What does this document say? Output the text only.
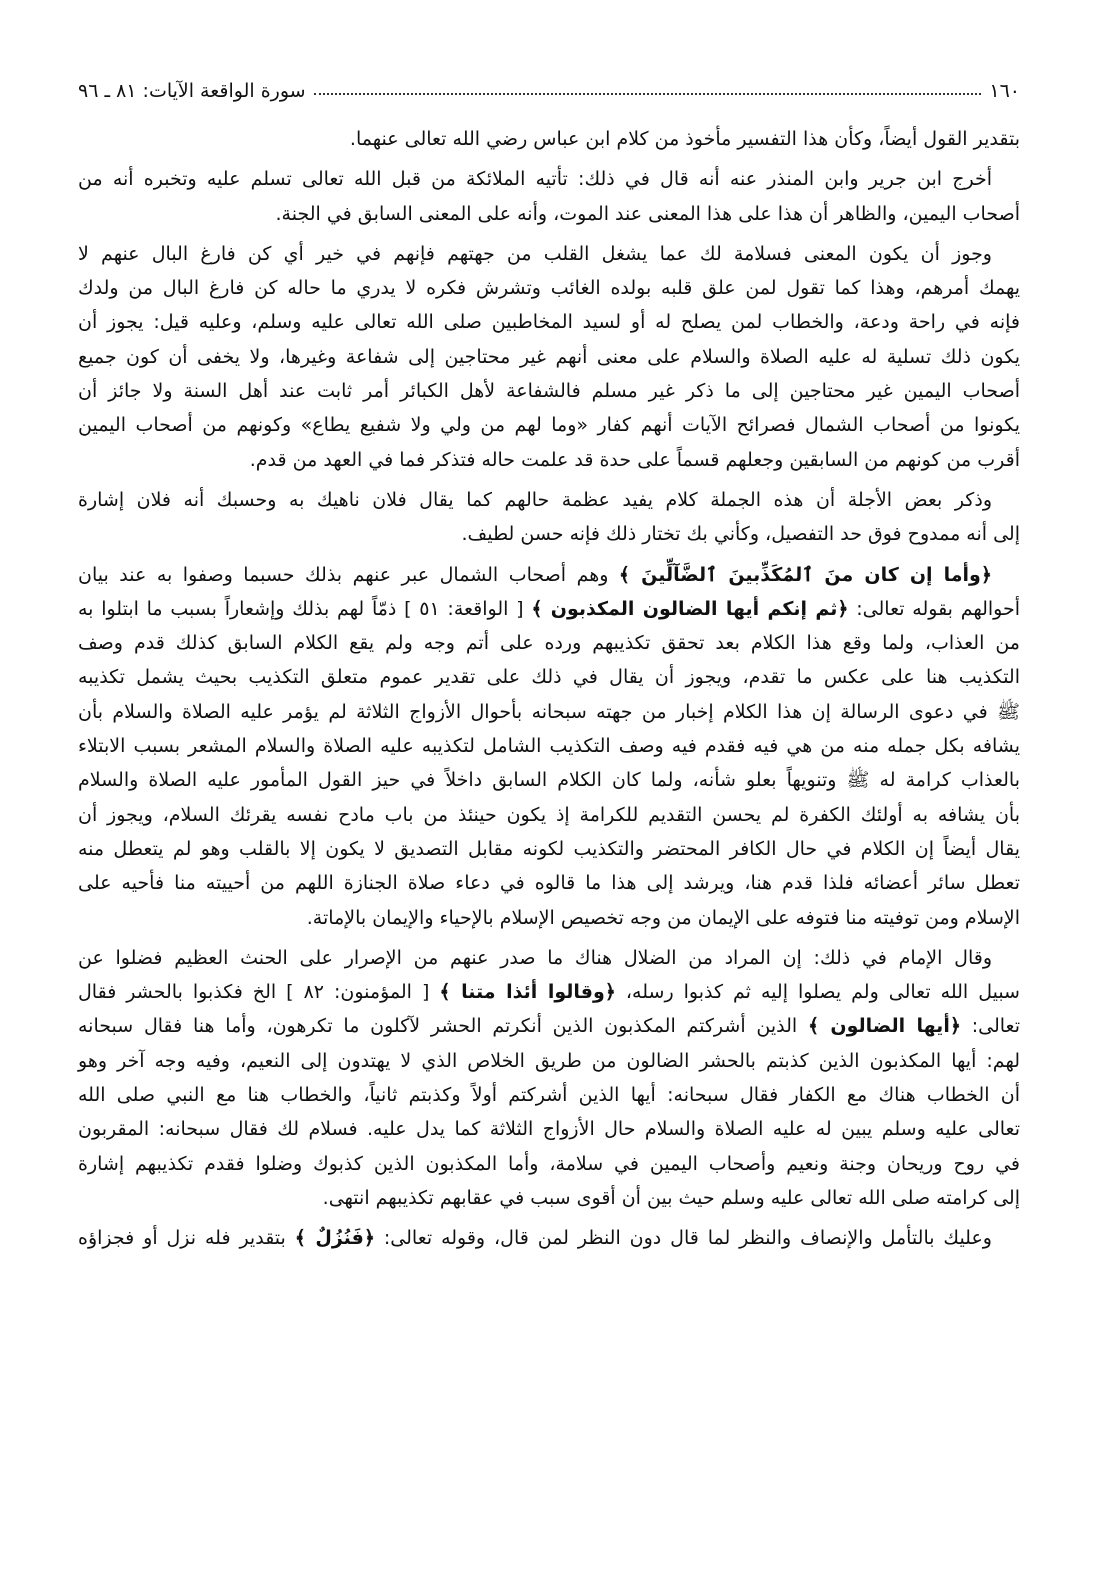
١٦٠
سورة الواقعة الآيات: ٨١ ـ ٩٦
بتقدير القول أيضاً، وكأن هذا التفسير مأخوذ من كلام ابن عباس رضي الله تعالى عنهما.
أخرج ابن جرير وابن المنذر عنه أنه قال في ذلك: تأتيه الملائكة من قبل الله تعالى تسلم عليه وتخبره أنه من
أصحاب اليمين، والظاهر أن هذا على هذا المعنى عند الموت، وأنه على المعنى السابق في الجنة.
وجوز أن يكون المعنى فسلامة لك عما يشغل القلب من جهتهم فإنهم في خير أي كن فارغ البال عنهم لا
يهمك أمرهم، وهذا كما تقول لمن علق قلبه بولده الغائب وتشرش فكره لا يدري ما حاله كن فارغ البال من ولدك
فإنه في راحة ودعة، والخطاب لمن يصلح له أو لسيد المخاطبين صلى الله تعالى عليه وسلم، وعليه قيل: يجوز أن
يكون ذلك تسلية له عليه الصلاة والسلام على معنى أنهم غير محتاجين إلى شفاعة وغيرها، ولا يخفى أن كون جميع
أصحاب اليمين غير محتاجين إلى ما ذكر غير مسلم فالشفاعة لأهل الكبائر أمر ثابت عند أهل السنة ولا جائز أن
يكونوا من أصحاب الشمال فصرائح الآيات أنهم كفار «وما لهم من ولي ولا شفيع يطاع» وكونهم من أصحاب اليمين
أقرب من كونهم من السابقين وجعلهم قسماً على حدة قد علمت حاله فتذكر فما في العهد من قدم.
وذكر بعض الأجلة أن هذه الجملة كلام يفيد عظمة حالهم كما يقال فلان ناهيك به وحسبك أنه فلان إشارة
إلى أنه ممدوح فوق حد التفصيل، وكأني بك تختار ذلك فإنه حسن لطيف.
﴿وأما إن كان منَ ٱلمُكَذِّبينَ ٱلضَّآلِّينَ ﴾ وهم أصحاب الشمال عبر عنهم بذلك حسبما وصفوا به عند بيان
أحوالهم بقوله تعالى: ﴿ثم إنكم أيها الضالون المكذبون ﴾ [ الواقعة: ٥١ ] ذمّاً لهم بذلك وإشعاراً بسبب ما ابتلوا به
من العذاب، ولما وقع هذا الكلام بعد تحقق تكذيبهم ورده على أتم وجه ولم يقع الكلام السابق كذلك قدم وصف
التكذيب هنا على عكس ما تقدم، ويجوز أن يقال في ذلك على تقدير عموم متعلق التكذيب بحيث يشمل تكذيبه
ﷺ في دعوى الرسالة إن هذا الكلام إخبار من جهته سبحانه بأحوال الأزواج الثلاثة لم يؤمر عليه الصلاة والسلام بأن
يشافه بكل جمله منه من هي فيه فقدم فيه وصف التكذيب الشامل لتكذيبه عليه الصلاة والسلام المشعر بسبب الابتلاء
بالعذاب كرامة له ﷺ وتنويهاً بعلو شأنه، ولما كان الكلام السابق داخلاً في حيز القول المأمور عليه الصلاة والسلام
بأن يشافه به أولئك الكفرة لم يحسن التقديم للكرامة إذ يكون حينئذ من باب مادح نفسه يقرئك السلام، ويجوز أن
يقال أيضاً إن الكلام في حال الكافر المحتضر والتكذيب لكونه مقابل التصديق لا يكون إلا بالقلب وهو لم يتعطل منه
تعطل سائر أعضائه فلذا قدم هنا، ويرشد إلى هذا ما قالوه في دعاء صلاة الجنازة اللهم من أحييته منا فأحيه على
الإسلام ومن توفيته منا فتوفه على الإيمان من وجه تخصيص الإسلام بالإحياء والإيمان بالإماتة.
وقال الإمام في ذلك: إن المراد من الضلال هناك ما صدر عنهم من الإصرار على الحنث العظيم فضلوا عن
سبيل الله تعالى ولم يصلوا إليه ثم كذبوا رسله، ﴿وقالوا أئذا متنا ﴾ [ المؤمنون: ٨٢ ] الخ فكذبوا بالحشر فقال
تعالى: ﴿أيها الضالون ﴾ الذين أشركتم المكذبون الذين أنكرتم الحشر لآكلون ما تكرهون، وأما هنا فقال سبحانه
لهم: أيها المكذبون الذين كذبتم بالحشر الضالون من طريق الخلاص الذي لا يهتدون إلى النعيم، وفيه وجه آخر وهو
أن الخطاب هناك مع الكفار فقال سبحانه: أيها الذين أشركتم أولاً وكذبتم ثانياً، والخطاب هنا مع النبي صلى الله
تعالى عليه وسلم يبين له عليه الصلاة والسلام حال الأزواج الثلاثة كما يدل عليه. فسلام لك فقال سبحانه: المقربون
في روح وريحان وجنة ونعيم وأصحاب اليمين في سلامة، وأما المكذبون الذين كذبوك وضلوا فقدم تكذيبهم إشارة
إلى كرامته صلى الله تعالى عليه وسلم حيث بين أن أقوى سبب في عقابهم تكذيبهم انتهى.
وعليك بالتأمل والإنصاف والنظر لما قال دون النظر لمن قال، وقوله تعالى: ﴿فَنُزُلٌ ﴾ بتقدير فله نزل أو فجزاؤه
